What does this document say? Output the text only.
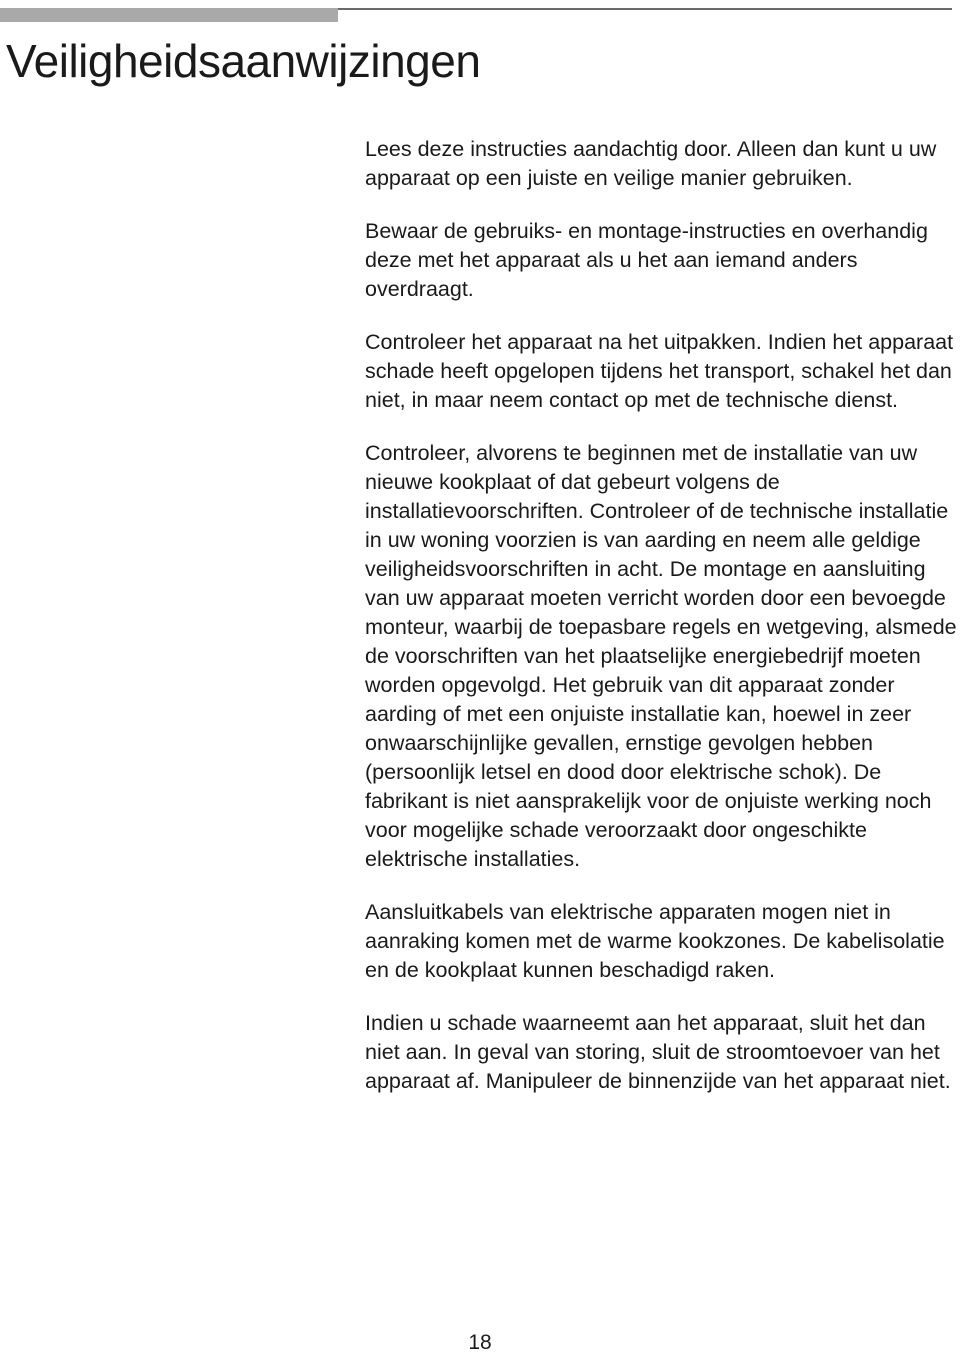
Veiligheidsaanwijzingen

Lees deze instructies aandachtig door. Alleen dan kunt u uw apparaat op een juiste en veilige manier gebruiken.

Bewaar de gebruiks- en montage-instructies en overhandig deze met het apparaat als u het aan iemand anders overdraagt.

Controleer het apparaat na het uitpakken. Indien het apparaat schade heeft opgelopen tijdens het transport, schakel het dan niet, in maar neem contact op met de technische dienst.

Controleer, alvorens te beginnen met de installatie van uw nieuwe kookplaat of dat gebeurt volgens de installatievoorschriften. Controleer of de technische installatie in uw woning voorzien is van aarding en neem alle geldige veiligheidsvoorschriften in acht. De montage en aansluiting van uw apparaat moeten verricht worden door een bevoegde monteur, waarbij de toepasbare regels en wetgeving, alsmede de voorschriften van het plaatselijke energiebedrijf moeten worden opgevolgd. Het gebruik van dit apparaat zonder aarding of met een onjuiste installatie kan, hoewel in zeer onwaarschijnlijke gevallen, ernstige gevolgen hebben (persoonlijk letsel en dood door elektrische schok). De fabrikant is niet aansprakelijk voor de onjuiste werking noch voor mogelijke schade veroorzaakt door ongeschikte elektrische installaties.

Aansluitkabels van elektrische apparaten mogen niet in aanraking komen met de warme kookzones. De kabelisolatie en de kookplaat kunnen beschadigd raken.

Indien u schade waarneemt aan het apparaat, sluit het dan niet aan. In geval van storing, sluit de stroomtoevoer van het apparaat af. Manipuleer de binnenzijde van het apparaat niet.

18
